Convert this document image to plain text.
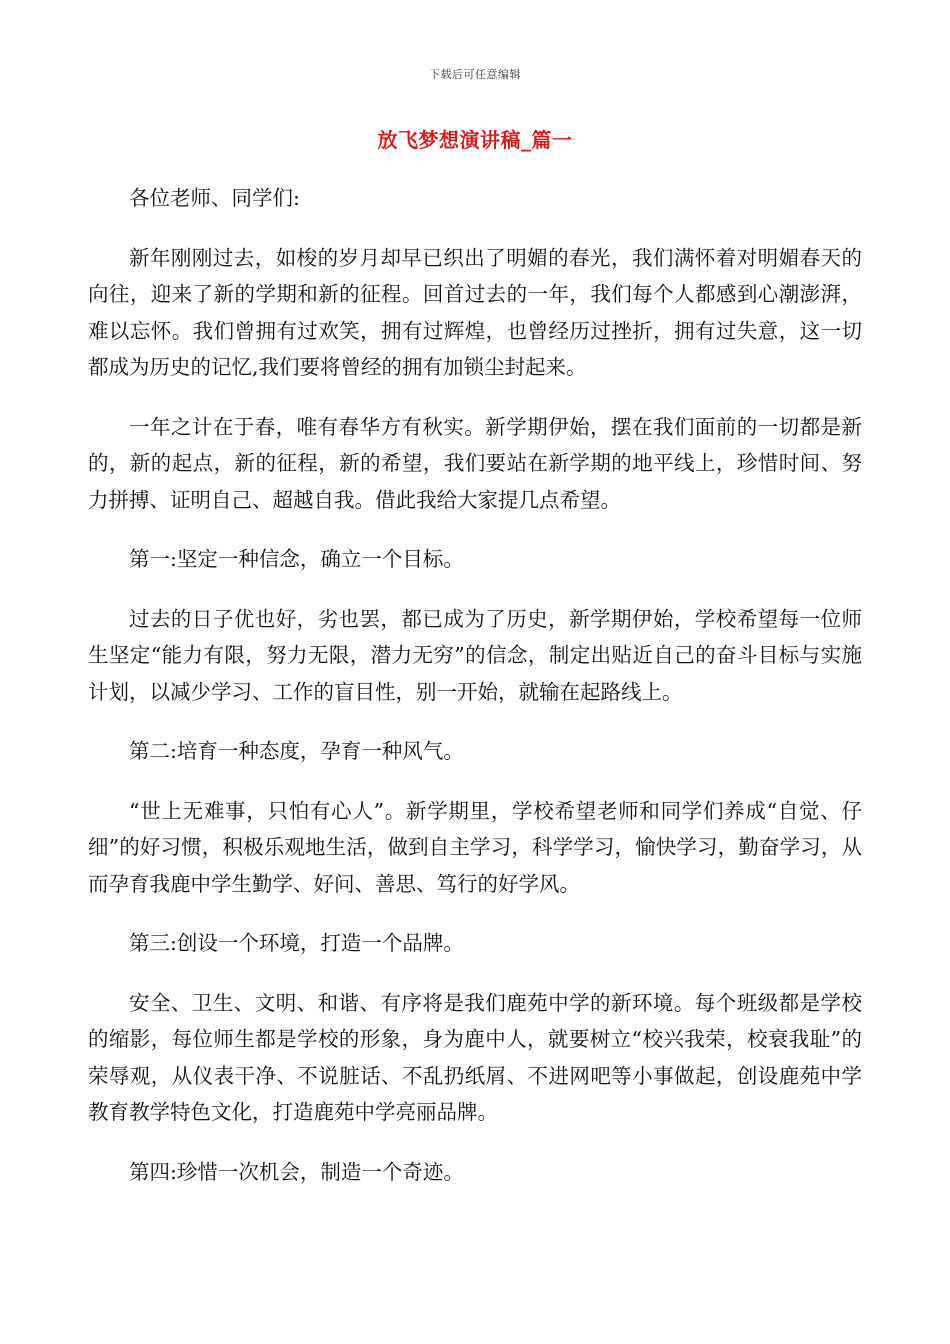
下载后可任意编辑
放飞梦想演讲稿_篇一

各位老师、同学们:

新年刚刚过去，如梭的岁月却早已织出了明媚的春光，我们满怀着对明媚春天的向往，迎来了新的学期和新的征程。回首过去的一年，我们每个人都感到心潮澎湃，难以忘怀。我们曾拥有过欢笑，拥有过辉煌，也曾经历过挫折，拥有过失意，这一切都成为历史的记忆,我们要将曾经的拥有加锁尘封起来。

一年之计在于春，唯有春华方有秋实。新学期伊始，摆在我们面前的一切都是新的，新的起点，新的征程，新的希望，我们要站在新学期的地平线上，珍惜时间、努力拼搏、证明自己、超越自我。借此我给大家提几点希望。

第一:坚定一种信念，确立一个目标。

过去的日子优也好，劣也罢，都已成为了历史，新学期伊始，学校希望每一位师生坚定“能力有限，努力无限，潜力无穷”的信念，制定出贴近自己的奋斗目标与实施计划，以减少学习、工作的盲目性，别一开始，就输在起路线上。

第二:培育一种态度，孕育一种风气。

“世上无难事，只怕有心人”。新学期里，学校希望老师和同学们养成“自觉、仔细”的好习惯，积极乐观地生活，做到自主学习，科学学习，愉快学习，勤奋学习，从而孕育我鹿中学生勤学、好问、善思、笃行的好学风。

第三:创设一个环境，打造一个品牌。

安全、卫生、文明、和谐、有序将是我们鹿苑中学的新环境。每个班级都是学校的缩影，每位师生都是学校的形象，身为鹿中人，就要树立“校兴我荣，校衰我耻”的荣辱观，从仪表干净、不说脏话、不乱扔纸屑、不进网吧等小事做起，创设鹿苑中学教育教学特色文化，打造鹿苑中学亮丽品牌。

第四:珍惜一次机会，制造一个奇迹。
